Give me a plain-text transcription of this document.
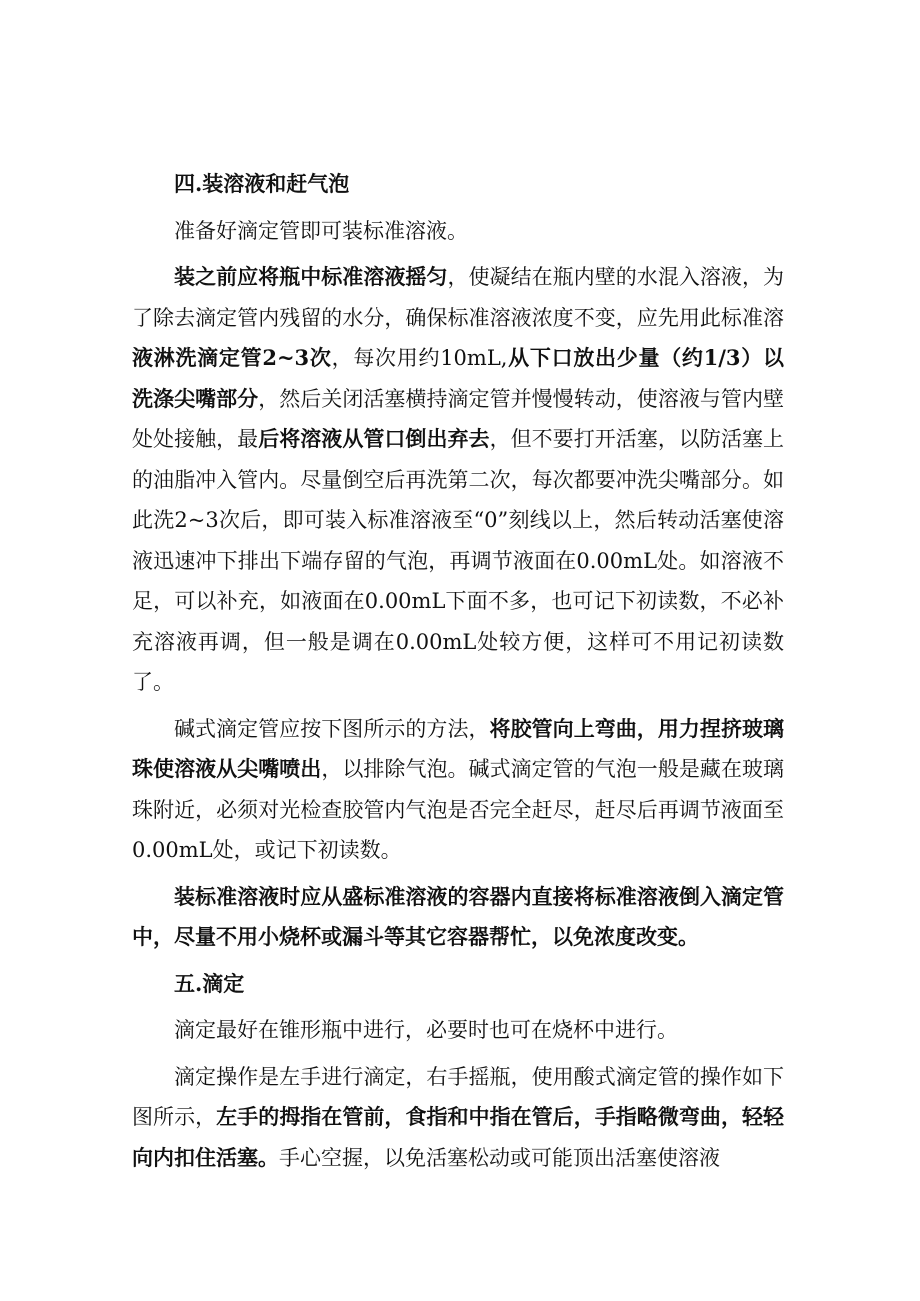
四.装溶液和赶气泡

准备好滴定管即可装标准溶液。

装之前应将瓶中标准溶液摇匀，使凝结在瓶内壁的水混入溶液，为了除去滴定管内残留的水分，确保标准溶液浓度不变，应先用此标准溶液淋洗滴定管2~3次，每次用约10mL,从下口放出少量（约1/3）以洗涤尖嘴部分，然后关闭活塞横持滴定管并慢慢转动，使溶液与管内壁处处接触，最后将溶液从管口倒出弃去，但不要打开活塞，以防活塞上的油脂冲入管内。尽量倒空后再洗第二次，每次都要冲洗尖嘴部分。如此洗2~3次后，即可装入标准溶液至“0”刻线以上，然后转动活塞使溶液迅速冲下排出下端存留的气泡，再调节液面在0.00mL处。如溶液不足，可以补充，如液面在0.00mL下面不多，也可记下初读数，不必补充溶液再调，但一般是调在0.00mL处较方便，这样可不用记初读数了。

碱式滴定管应按下图所示的方法，将胶管向上弯曲，用力捏挤玻璃珠使溶液从尖嘴喷出，以排除气泡。碱式滴定管的气泡一般是藏在玻璃珠附近，必须对光检查胶管内气泡是否完全赶尽，赶尽后再调节液面至0.00mL处，或记下初读数。

装标准溶液时应从盛标准溶液的容器内直接将标准溶液倒入滴定管中，尽量不用小烧杯或漏斗等其它容器帮忙，以免浓度改变。

五.滴定

滴定最好在锥形瓶中进行，必要时也可在烧杯中进行。

滴定操作是左手进行滴定，右手摇瓶，使用酸式滴定管的操作如下图所示，左手的拇指在管前，食指和中指在管后，手指略微弯曲，轻轻向内扣住活塞。手心空握，以免活塞松动或可能顶出活塞使溶液
